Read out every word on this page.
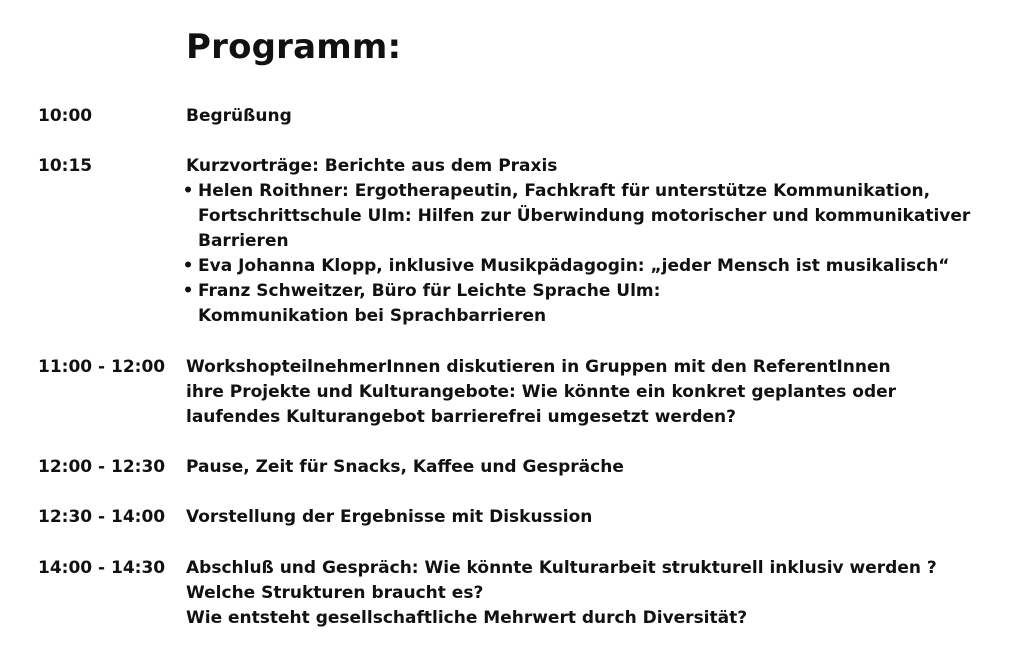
Programm:
10:00	Begrüßung
10:15	Kurzvorträge: Berichte aus dem Praxis
• Helen Roithner: Ergotherapeutin, Fachkraft für unterstütze Kommunikation,
Fortschrittschule Ulm: Hilfen zur Überwindung motorischer und kommunikativer
Barrieren
• Eva Johanna Klopp, inklusive Musikpädagogin: „jeder Mensch ist musikalisch“
• Franz Schweitzer, Büro für Leichte Sprache Ulm:
Kommunikation bei Sprachbarrieren
11:00 - 12:00 WorkshopteilnehmerInnen diskutieren in Gruppen mit den ReferentInnen
ihre Projekte und Kulturangebote: Wie könnte ein konkret geplantes oder
laufendes Kulturangebot barrierefrei umgesetzt werden?
12:00 - 12:30 Pause, Zeit für Snacks, Kaffee und Gespräche
12:30 - 14:00 Vorstellung der Ergebnisse mit Diskussion
14:00 - 14:30 Abschluß und Gespräch: Wie könnte Kulturarbeit strukturell inklusiv werden ?
Welche Strukturen braucht es?
Wie entsteht gesellschaftliche Mehrwert durch Diversität?
